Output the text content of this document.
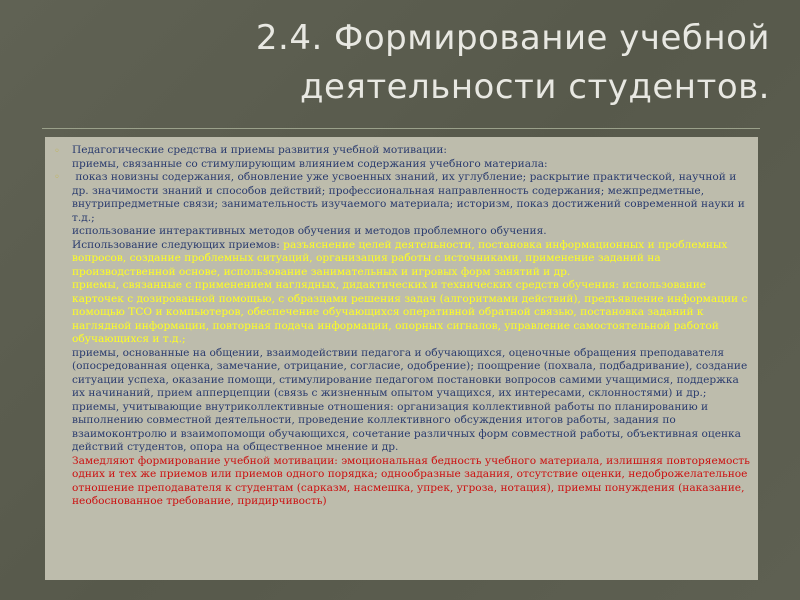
2.4. Формирование учебной
деятельности студентов.
◦
◦

Педагогические средства и приемы развития учебной мотивации:

приемы, связанные со стимулирующим влиянием содержания учебного материала:

показ новизны содержания, обновление уже усвоенных знаний, их углубление; раскрытие практической, научной и др. значимости знаний и способов действий; профессиональная направленность содержания; межпредметные, внутрипредметные связи; занимательность изучаемого материала; историзм, показ достижений современной науки и т.д.;

использование интерактивных методов обучения и методов проблемного обучения.

Использование следующих приемов: разъяснение целей деятельности, постановка информационных и проблемных вопросов, создание проблемных ситуаций, организация работы с источниками, применение заданий на производственной основе, использование занимательных и игровых форм занятий и др.

приемы, связанные с применением наглядных, дидактических и технических средств обучения: использование карточек с дозированной помощью, с образцами решения задач (алгоритмами действий), предъявление информации с помощью ТСО и компьютеров, обеспечение обучающихся оперативной обратной связью, постановка заданий к наглядной информации, повторная подача информации, опорных сигналов, управление самостоятельной работой обучающихся и т.д.;

приемы, основанные на общении, взаимодействии педагога и обучающихся, оценочные обращения преподавателя (опосредованная оценка, замечание, отрицание, согласие, одобрение); поощрение (похвала, подбадривание), создание ситуации успеха, оказание помощи, стимулирование педагогом постановки вопросов самими учащимися, поддержка их начинаний, прием апперцепции (связь с жизненным опытом учащихся, их интересами, склонностями) и др.; приемы, учитывающие внутриколлективные отношения: организация коллективной работы по планированию и выполнению совместной деятельности, проведение коллективного обсуждения итогов работы, задания по взаимоконтролю и взаимопомощи обучающихся, сочетание различных форм совместной работы, объективная оценка действий студентов, опора на общественное мнение и др.

Замедляют формирование учебной мотивации: эмоциональная бедность учебного материала, излишняя повторяемость одних и тех же приемов или приемов одного порядка; однообразные задания, отсутствие оценки, недоброжелательное отношение преподавателя к студентам (сарказм, насмешка, упрек, угроза, нотация), приемы понуждения (наказание, необоснованное требование, придирчивость)
